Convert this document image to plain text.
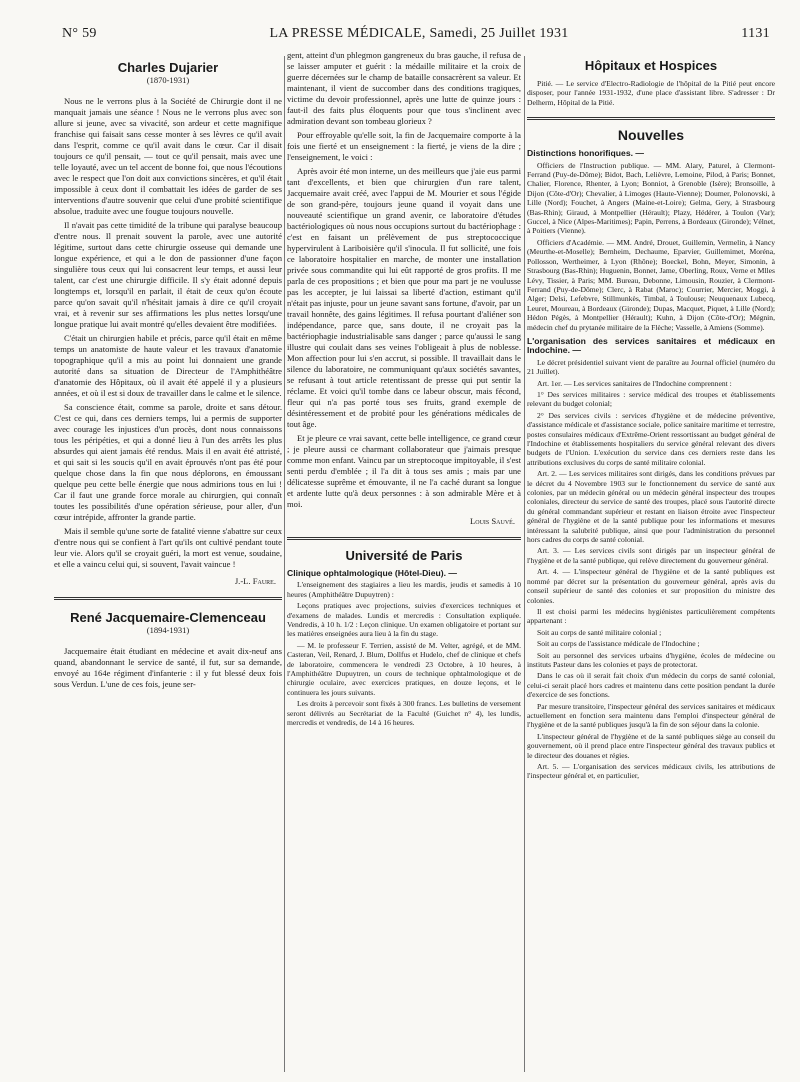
N° 59	LA PRESSE MÉDICALE, Samedi, 25 Juillet 1931	1131
Charles Dujarier
(1870-1931)

Nous ne le verrons plus à la Société de Chirurgie dont il ne manquait jamais une séance ! Nous ne le verrons plus avec son allure si jeune, avec sa vivacité, son ardeur et cette magnifique franchise qui faisait sans cesse monter à ses lèvres ce qu'il avait dans l'esprit, comme ce qu'il avait dans le cœur. Car il disait toujours ce qu'il pensait, — tout ce qu'il pensait, mais avec une telle loyauté, avec un tel accent de bonne foi, que nous l'écoutions avec le respect que l'on doit aux convictions sincères, et qu'il était impossible à ceux dont il combattait les idées de garder de ses interventions d'autre souvenir que celui d'une probité scientifique absolue, traduite avec une fougue toujours nouvelle.

Il n'avait pas cette timidité de la tribune qui paralyse beaucoup d'entre nous. Il prenait souvent la parole, avec une autorité légitime, surtout dans cette chirurgie osseuse qui demande une longue expérience, et qui a le don de passionner d'une façon singulière tous ceux qui lui consacrent leur temps, et aussi leur talent, car c'est une chirurgie difficile. Il s'y était adonné depuis longtemps et, lorsqu'il en parlait, il était de ceux qu'on écoute parce qu'on savait qu'il n'hésitait jamais à dire ce qu'il croyait vrai, et à revenir sur ses affirmations les plus nettes lorsqu'une longue pratique lui avait montré qu'elles devaient être modifiées.

C'était un chirurgien habile et précis, parce qu'il était en même temps un anatomiste de haute valeur et les travaux d'anatomie topographique qu'il a mis au point lui donnaient une grande autorité dans sa situation de Directeur de l'Amphithéâtre d'anatomie des Hôpitaux, où il avait été appelé il y a plusieurs années, et où il est si doux de travailler dans le calme et le silence.

Sa conscience était, comme sa parole, droite et sans détour. C'est ce qui, dans ces derniers temps, lui a permis de supporter avec courage les injustices d'un procès, dont nous connaissons tous les péripéties, et qui a donné lieu à l'un des arrêts les plus absurdes qui aient jamais été rendus. Mais il en avait été attristé, et qui sait si les soucis qu'il en avait éprouvés n'ont pas été pour quelque chose dans la fin que nous déplorons, en émoussant quelque peu cette belle énergie que nous admirions tous en lui ! Car il faut une grande force morale au chirurgien, qui connaît toutes les possibilités d'une opération sérieuse, pour aller, d'un cœur intrépide, affronter la grande partie.

Mais il semble qu'une sorte de fatalité vienne s'abattre sur ceux d'entre nous qui se confient à l'art qu'ils ont cultivé pendant toute leur vie. Alors qu'il se croyait guéri, la mort est venue, soudaine, et elle a vaincu celui qui, si souvent, l'avait vaincue !

J.-L. Faure.

René Jacquemaire-Clemenceau
(1894-1931)

Jacquemaire était étudiant en médecine et avait dix-neuf ans quand, abandonnant le service de santé, il fut, sur sa demande, envoyé au 164e régiment d'infanterie : il y fut blessé deux fois sous Verdun. L'une de ces fois, jeune ser-

gent, atteint d'un phlegmon gangreneux du bras gauche, il refusa de se laisser amputer et guérit : la médaille militaire et la croix de guerre décernées sur le champ de bataille consacrèrent sa valeur. Et maintenant, il vient de succomber dans des conditions tragiques, victime du devoir professionnel, après une lutte de quinze jours : faut-il des faits plus éloquents pour que tous s'inclinent avec admiration devant son tombeau glorieux ?

Pour effroyable qu'elle soit, la fin de Jacquemaire comporte à la fois une fierté et un enseignement : la fierté, je viens de la dire ; l'enseignement, le voici :

Après avoir été mon interne, un des meilleurs que j'aie eus parmi tant d'excellents, et bien que chirurgien d'un rare talent, Jacquemaire avait créé, avec l'appui de M. Mourier et sous l'égide de son grand-père, toujours jeune quand il voyait dans une nouveauté scientifique un grand avenir, ce laboratoire d'études bactériologiques où nous nous occupions surtout du bactériophage : c'est en faisant un prélèvement de pus streptococcique hypervirulent à Lariboisière qu'il s'inocula. Il fut sollicité, une fois ce laboratoire hospitalier en marche, de monter une installation privée sous commandite qui lui eût rapporté de gros profits. Il me parla de ces propositions ; et bien que pour ma part je ne voulusse pas les accepter, je lui laissai sa liberté d'action, estimant qu'il n'était pas injuste, pour un jeune savant sans fortune, d'avoir, par un travail honnête, des gains légitimes. Il refusa pourtant d'aliéner son indépendance, parce que, sans doute, il ne croyait pas la bactériophagie industrialisable sans danger ; parce qu'aussi le sang illustre qui coulait dans ses veines l'obligeait à plus de noblesse. Mon affection pour lui s'en accrut, si possible. Il travaillait dans le silence du laboratoire, ne communiquant qu'aux sociétés savantes, se refusant à tout article retentissant de presse qui put sentir la réclame. Et voici qu'il tombe dans ce labeur obscur, mais fécond, fleur qui n'a pas porté tous ses fruits, grand exemple de désintéressement et de probité pour les générations médicales de tout âge.

Et je pleure ce vrai savant, cette belle intelligence, ce grand cœur ; je pleure aussi ce charmant collaborateur que j'aimais presque comme mon enfant. Vaincu par un streptocoque impitoyable, il s'est senti perdu d'emblée ; il l'a dit à tous ses amis ; mais par une délicatesse suprême et émouvante, il ne l'a caché durant sa longue et ardente lutte qu'à deux personnes : à son admirable Mère et à moi.

Louis Sauvé.

Université de Paris

Clinique ophtalmologique (Hôtel-Dieu). —

L'enseignement des stagiaires a lieu les mardis, jeudis et samedis à 10 heures (Amphithéâtre Dupuytren) :

Leçons pratiques avec projections, suivies d'exercices techniques et d'examens de malades. Lundis et mercredis : Consultation expliquée. Vendredis, à 10 h. 1/2 : Leçon clinique. Un examen obligatoire et portant sur les matières enseignées aura lieu à la fin du stage.

— M. le professeur F. Terrien, assisté de M. Velter, agrégé, et de MM. Casteran, Veil, Renard, J. Blum, Dollfus et Hudelo, chef de clinique et chefs de laboratoire, commencera le vendredi 23 Octobre, à 10 heures, à l'Amphithéâtre Dupuytren, un cours de technique ophtalmologique et de chirurgie oculaire, avec exercices pratiques, en douze leçons, et le continuera les jours suivants.

Les droits à percevoir sont fixés à 300 francs. Les bulletins de versement seront délivrés au Secrétariat de la Faculté (Guichet n° 4), les lundis, mercredis et vendredis, de 14 à 16 heures.

Hôpitaux et Hospices

Pitié. — Le service d'Electro-Radiologie de l'hôpital de la Pitié peut encore disposer, pour l'année 1931-1932, d'une place d'assistant libre. S'adresser : Dr Delherm, Hôpital de la Pitié.

Nouvelles

Distinctions honorifiques. —

Officiers de l'Instruction publique. — MM. Alary, Paturel, à Clermont-Ferrand (Puy-de-Dôme); Bidot, Bach, Lelièvre, Lemoine, Pilod, à Paris; Bonnet, Chalier, Florence, Rhenter, à Lyon; Bonniot, à Grenoble (Isère); Bronsoille, à Dijon (Côte-d'Or); Chevalier, à Limoges (Haute-Vienne); Doumer, Polonovski, à Lille (Nord); Fouchet, à Angers (Maine-et-Loire); Gelma, Gery, à Strasbourg (Bas-Rhin); Giraud, à Montpellier (Hérault); Plazy, Hédérer, à Toulon (Var); Guccel, à Nice (Alpes-Maritimes); Papin, Perrens, à Bordeaux (Gironde); Vélnet, à Poitiers (Vienne).

Officiers d'Académie. — MM. André, Drouet, Guillemin, Vermelin, à Nancy (Meurthe-et-Moselle); Bernheim, Dechaume, Eparvier, Guillemimet, Moréna, Pollosson, Wertheimer, à Lyon (Rhône); Boeckel, Bohn, Meyer, Simonin, à Strasbourg (Bas-Rhin); Huguenin, Bonnet, Jame, Oberling, Roux, Verne et Mlles Lévy, Tissier, à Paris; MM. Bureau, Debonne, Limousin, Rouzier, à Clermont-Ferrand (Puy-de-Dôme); Clerc, à Rabat (Maroc); Courrier, Mercier, Moggi, à Alger; Delsi, Lefebvre, Stillmunkès, Timbal, à Toulouse; Neuquenaux Lubecq, Leuret, Moureau, à Bordeaux (Gironde); Dupas, Macquet, Piquet, à Lille (Nord); Hédon Pégès, à Montpellier (Hérault); Kuhn, à Dijon (Côte-d'Or); Mégnin, médecin chef du prytanée militaire de la Flèche; Vasselle, à Amiens (Somme).

L'organisation des services sanitaires et médicaux en Indochine. —

Le décret présidentiel suivant vient de paraître au Journal officiel (numéro du 21 Juillet).

Art. 1er. — Les services sanitaires de l'Indochine comprennent :

1° Des services militaires : service médical des troupes et établissements relevant du budget colonial;

2° Des services civils : services d'hygiène et de médecine préventive, d'assistance médicale et d'assistance sociale, police sanitaire maritime et terrestre, postes consulaires médicaux d'Extrême-Orient ressortissant au budget général de l'Indochine et établissements hospitaliers du service général relevant des divers budgets de l'Union. L'exécution du service dans ces derniers reste dans les attributions exclusives du corps de santé militaire colonial.

Art. 2. — Les services militaires sont dirigés, dans les conditions prévues par le décret du 4 Novembre 1903 sur le fonctionnement du service de santé aux colonies, par un médecin général ou un médecin général inspecteur des troupes coloniales, directeur du service de santé des troupes, placé sous l'autorité directe du général commandant supérieur et restant en liaison étroite avec l'inspecteur général de l'hygiène et de la santé publique pour les informations et mesures intéressant la salubrité publique, ainsi que pour l'administration du personnel hors cadres du corps de santé colonial.

Art. 3. — Les services civils sont dirigés par un inspecteur général de l'hygiène et de la santé publique, qui relève directement du gouverneur général.

Art. 4. — L'inspecteur général de l'hygiène et de la santé publiques est nommé par décret sur la présentation du gouverneur général, après avis du conseil supérieur de santé des colonies et sur proposition du ministre des colonies.

Il est choisi parmi les médecins hygiénistes particulièrement compétents appartenant :

Soit au corps de santé militaire colonial ;

Soit au corps de l'assistance médicale de l'Indochine ;

Soit au personnel des services urbains d'hygiène, écoles de médecine ou instituts Pasteur dans les colonies et pays de protectorat.

Dans le cas où il serait fait choix d'un médecin du corps de santé colonial, celui-ci serait placé hors cadres et maintenu dans cette position pendant la durée d'exercice de ses fonctions.

Par mesure transitoire, l'inspecteur général des services sanitaires et médicaux actuellement en fonction sera maintenu dans l'emploi d'inspecteur général de l'hygiène et de la santé publiques jusqu'à la fin de son séjour dans la colonie.

L'inspecteur général de l'hygiène et de la santé publiques siège au conseil du gouvernement, où il prend place entre l'inspecteur général des travaux publics et le directeur des douanes et régies.

Art. 5. — L'organisation des services médicaux civils, les attributions de l'inspecteur général et, en particulier,
